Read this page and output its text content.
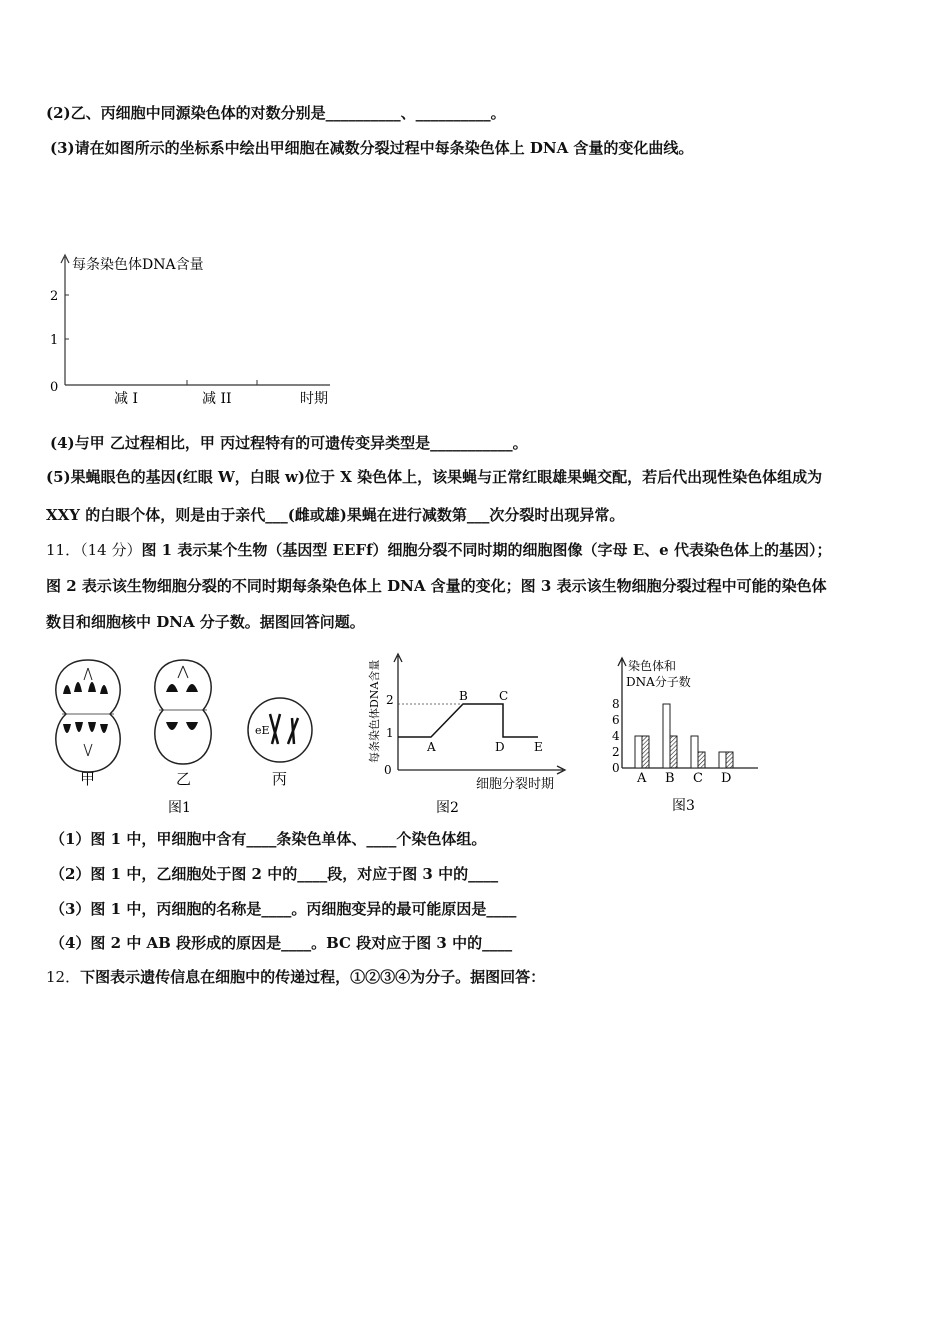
(2)乙、丙细胞中同源染色体的对数分别是__________、__________。
(3)请在如图所示的坐标系中绘出甲细胞在减数分裂过程中每条染色体上 DNA 含量的变化曲线。
每条染色体DNA含量
2
1
0
减 I	减 II	时期
(4)与甲 乙过程相比，甲 丙过程特有的可遗传变异类型是___________。
(5)果蝇眼色的基因(红眼 W，白眼 w)位于 X 染色体上，该果蝇与正常红眼雄果蝇交配，若后代出现性染色体组成为
XXY 的白眼个体，则是由于亲代___(雌或雄)果蝇在进行减数第___次分裂时出现异常。
11．（14 分）图 1 表示某个生物（基因型 EEFf）细胞分裂不同时期的细胞图像（字母 E、e 代表染色体上的基因）；
图 2 表示该生物细胞分裂的不同时期每条染色体上 DNA 含量的变化；图 3 表示该生物细胞分裂过程中可能的染色体
数目和细胞核中 DNA 分子数。据图回答问题。
eE
甲	乙	丙
图1
每条染色体DNA含量
0
2
1
A
B	C
D E
细胞分裂时期
图2
染色体和
DNA分子数
8
6
4
2
0
A B C D
图3
（1）图 1 中，甲细胞中含有____条染色单体、____个染色体组。
（2）图 1 中，乙细胞处于图 2 中的____段，对应于图 3 中的____
（3）图 1 中，丙细胞的名称是____。丙细胞变异的最可能原因是____
（4）图 2 中 AB 段形成的原因是____。BC 段对应于图 3 中的____
12．下图表示遗传信息在细胞中的传递过程，①②③④为分子。据图回答：
